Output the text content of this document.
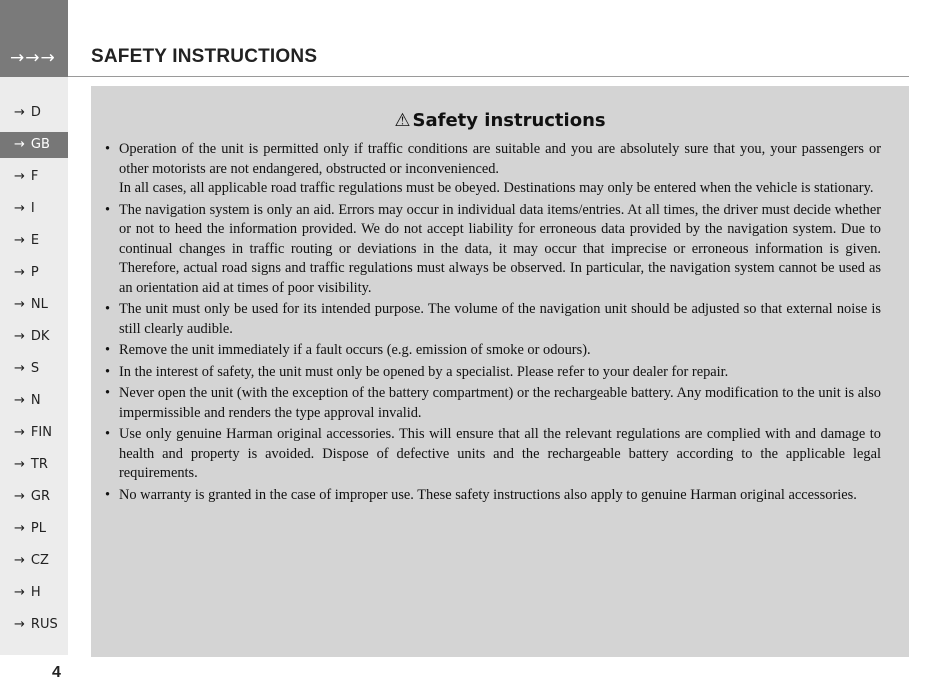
→→→
→ D
→ GB
→ F
→ I
→ E
→ P
→ NL
→ DK
→ S
→ N
→ FIN
→ TR
→ GR
→ PL
→ CZ
→ H
→ RUS
4
SAFETY INSTRUCTIONS
⚠ Safety instructions
• Operation of the unit is permitted only if traffic conditions are suitable and you are absolutely sure that you, your passengers or other motorists are not endangered, obstructed or inconvenienced.

In all cases, all applicable road traffic regulations must be obeyed. Destinations may only be entered when the vehicle is stationary.

• The navigation system is only an aid. Errors may occur in individual data items/entries. At all times, the driver must decide whether or not to heed the information provided. We do not accept liability for erroneous data provided by the navigation system. Due to continual changes in traffic routing or deviations in the data, it may occur that imprecise or erroneous information is given. Therefore, actual road signs and traffic regulations must always be observed. In particular, the navigation system cannot be used as an orientation aid at times of poor visibility.

• The unit must only be used for its intended purpose. The volume of the navigation unit should be adjusted so that external noise is still clearly audible.

• Remove the unit immediately if a fault occurs (e.g. emission of smoke or odours).

• In the interest of safety, the unit must only be opened by a specialist. Please refer to your dealer for repair.

• Never open the unit (with the exception of the battery compartment) or the rechargeable battery. Any modification to the unit is also impermissible and renders the type approval invalid.

• Use only genuine Harman original accessories. This will ensure that all the relevant regulations are complied with and damage to health and property is avoided. Dispose of defective units and the rechargeable battery according to the applicable legal requirements.

• No warranty is granted in the case of improper use. These safety instructions also apply to genuine Harman original accessories.
